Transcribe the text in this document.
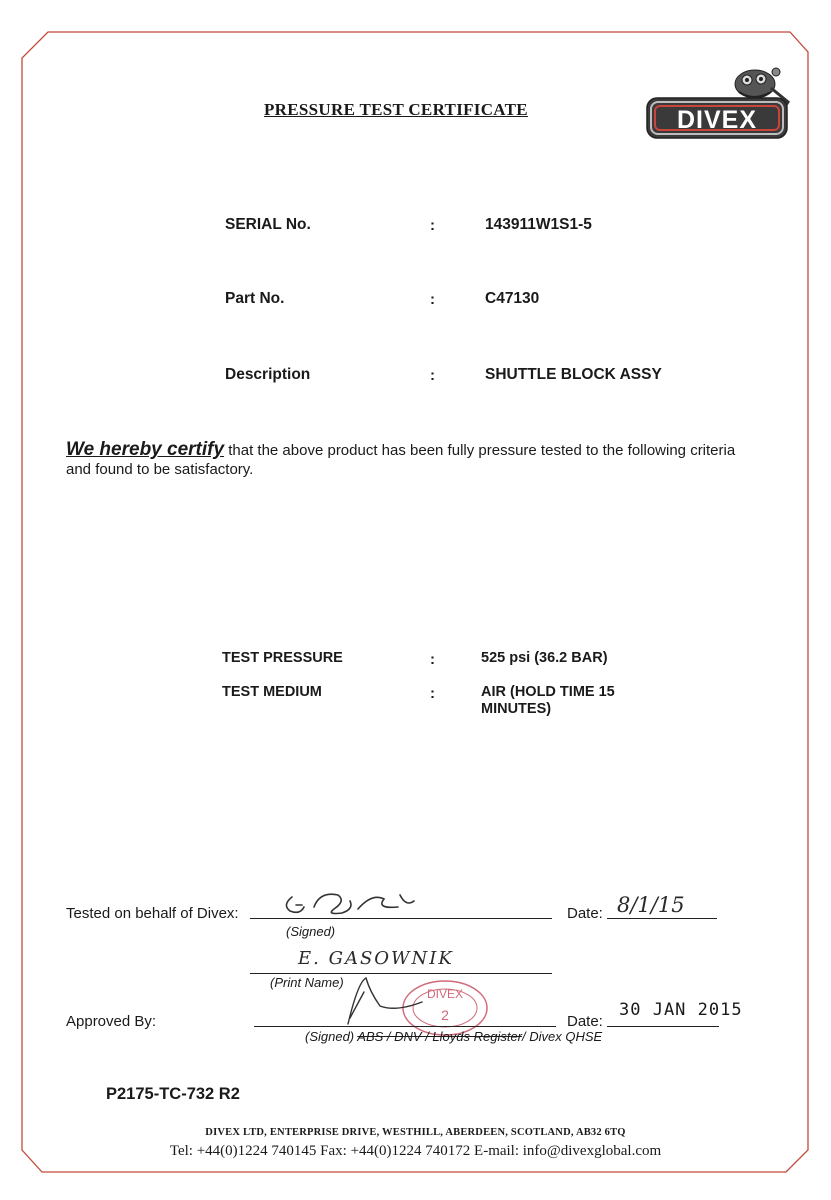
PRESSURE TEST CERTIFICATE	DIVEX
SERIAL No.	:	143911W1S1-5
Part No.	:	C47130
Description	:	SHUTTLE BLOCK ASSY
We hereby certify that the above product has been fully pressure tested to the following criteria and found to be satisfactory.
TEST PRESSURE	:	525 psi (36.2 BAR)
TEST MEDIUM	:	AIR (HOLD TIME 15
MINUTES)
Tested on behalf of Divex:
(Signed)
Date: 8/1/15
E. GASOWNIK
(Print Name)
DIVEX
2
Approved By:
(Signed) ABS / DNV / Lloyds Register/ Divex QHSE
Date:
30 JAN 2015
P2175-TC-732 R2
DIVEX LTD, ENTERPRISE DRIVE, WESTHILL, ABERDEEN, SCOTLAND, AB32 6TQ
Tel: +44(0)1224 740145 Fax: +44(0)1224 740172 E-mail: info@divexglobal.com
